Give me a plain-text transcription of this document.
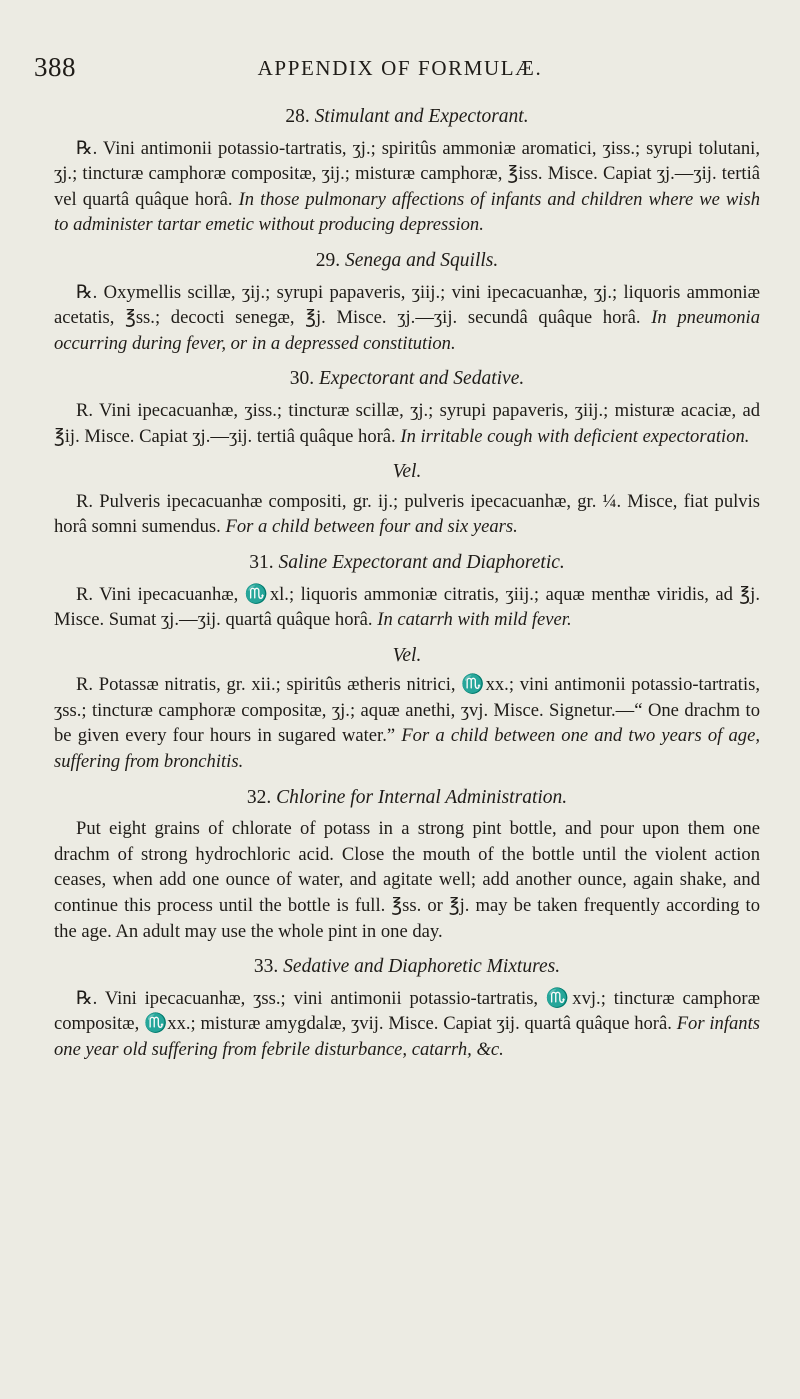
388	APPENDIX OF FORMULÆ.
28. Stimulant and Expectorant.

℞. Vini antimonii potassio-tartratis, ʒj.; spiritûs ammoniæ aromatici, ʒiss.; syrupi tolutani, ʒj.; tincturæ camphoræ compositæ, ʒij.; misturæ camphoræ, ℥iss. Misce. Capiat ʒj.—ʒij. tertiâ vel quartâ quâque horâ. In those pulmonary affections of infants and children where we wish to administer tartar emetic without producing depression.

29. Senega and Squills.

℞. Oxymellis scillæ, ʒij.; syrupi papaveris, ʒiij.; vini ipecacuanhæ, ʒj.; liquoris ammoniæ acetatis, ℥ss.; decocti senegæ, ℥j. Misce. ʒj.—ʒij. secundâ quâque horâ. In pneumonia occurring during fever, or in a depressed constitution.

30. Expectorant and Sedative.

R. Vini ipecacuanhæ, ʒiss.; tincturæ scillæ, ʒj.; syrupi papaveris, ʒiij.; misturæ acaciæ, ad ℥ij. Misce. Capiat ʒj.—ʒij. tertiâ quâque horâ. In irritable cough with deficient expectoration.

Vel.

R. Pulveris ipecacuanhæ compositi, gr. ij.; pulveris ipecacuanhæ, gr. ¼. Misce, fiat pulvis horâ somni sumendus. For a child between four and six years.

31. Saline Expectorant and Diaphoretic.

R. Vini ipecacuanhæ, ♏xl.; liquoris ammoniæ citratis, ʒiij.; aquæ menthæ viridis, ad ℥j. Misce. Sumat ʒj.—ʒij. quartâ quâque horâ. In catarrh with mild fever.

Vel.

R. Potassæ nitratis, gr. xii.; spiritûs ætheris nitrici, ♏xx.; vini antimonii potassio-tartratis, ʒss.; tincturæ camphoræ compositæ, ʒj.; aquæ anethi, ʒvj. Misce. Signetur.—“ One drachm to be given every four hours in sugared water.” For a child between one and two years of age, suffering from bronchitis.

32. Chlorine for Internal Administration.

Put eight grains of chlorate of potass in a strong pint bottle, and pour upon them one drachm of strong hydrochloric acid. Close the mouth of the bottle until the violent action ceases, when add one ounce of water, and agitate well; add another ounce, again shake, and continue this process until the bottle is full. ℥ss. or ℥j. may be taken frequently according to the age. An adult may use the whole pint in one day.

33. Sedative and Diaphoretic Mixtures.

℞. Vini ipecacuanhæ, ʒss.; vini antimonii potassio-tartratis, ♏xvj.; tincturæ camphoræ compositæ, ♏xx.; misturæ amygdalæ, ʒvij. Misce. Capiat ʒij. quartâ quâque horâ. For infants one year old suffering from febrile disturbance, catarrh, &c.
